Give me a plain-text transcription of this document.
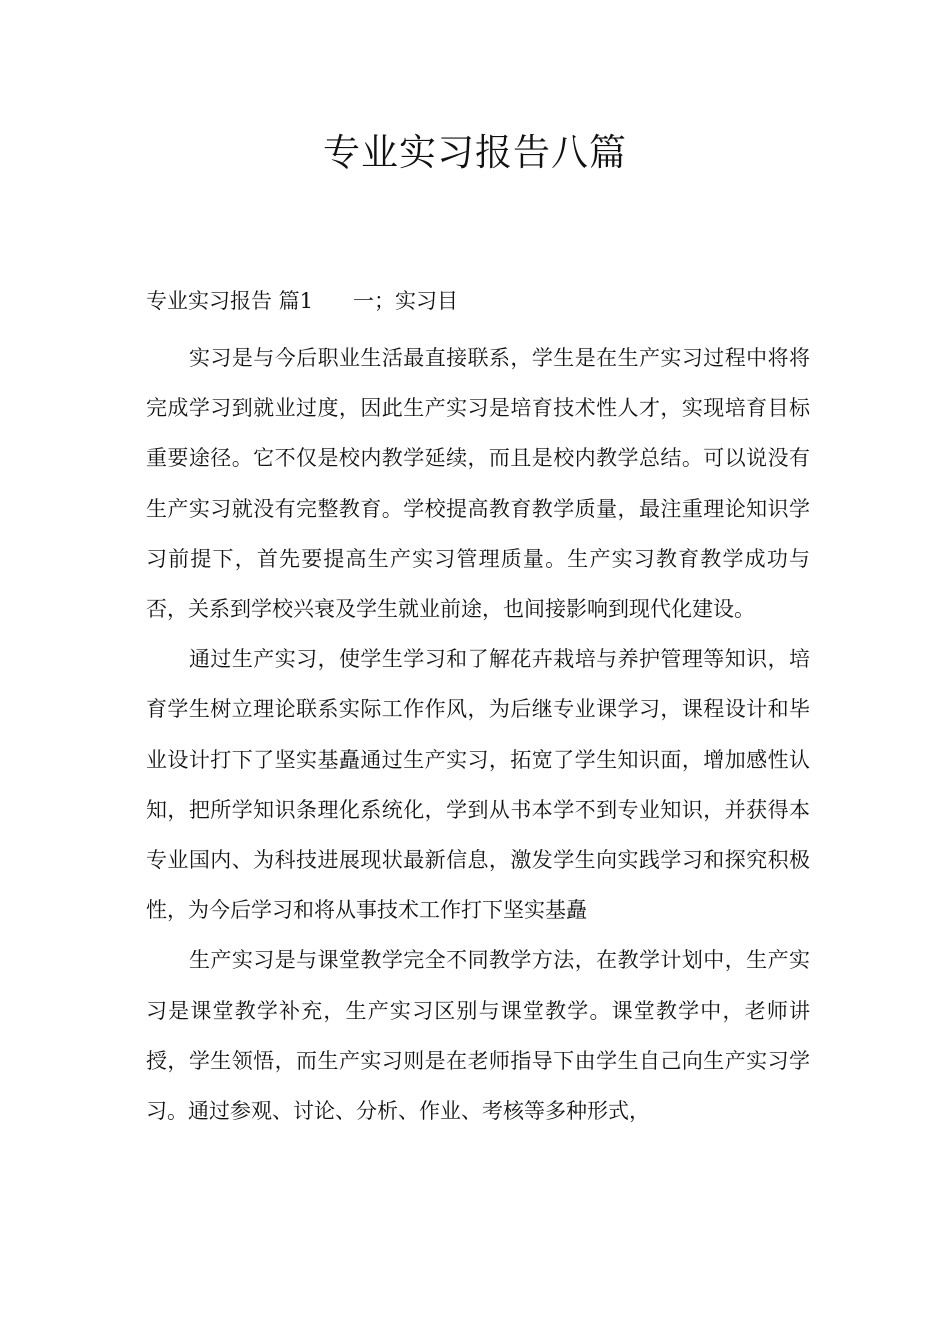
专业实习报告八篇
专业实习报告 篇1 一；实习目

实习是与今后职业生活最直接联系，学生是在生产实习过程中将将完成学习到就业过度，因此生产实习是培育技术性人才，实现培育目标重要途径。它不仅是校内教学延续，而且是校内教学总结。可以说没有生产实习就没有完整教育。学校提高教育教学质量，最注重理论知识学习前提下，首先要提高生产实习管理质量。生产实习教育教学成功与否，关系到学校兴衰及学生就业前途，也间接影响到现代化建设。

通过生产实习，使学生学习和了解花卉栽培与养护管理等知识，培育学生树立理论联系实际工作作风，为后继专业课学习，课程设计和毕业设计打下了坚实基矗通过生产实习，拓宽了学生知识面，增加感性认知，把所学知识条理化系统化，学到从书本学不到专业知识，并获得本专业国内、为科技进展现状最新信息，激发学生向实践学习和探究积极性，为今后学习和将从事技术工作打下坚实基矗

生产实习是与课堂教学完全不同教学方法，在教学计划中，生产实习是课堂教学补充，生产实习区别与课堂教学。课堂教学中，老师讲授，学生领悟，而生产实习则是在老师指导下由学生自己向生产实习学习。通过参观、讨论、分析、作业、考核等多种形式，
